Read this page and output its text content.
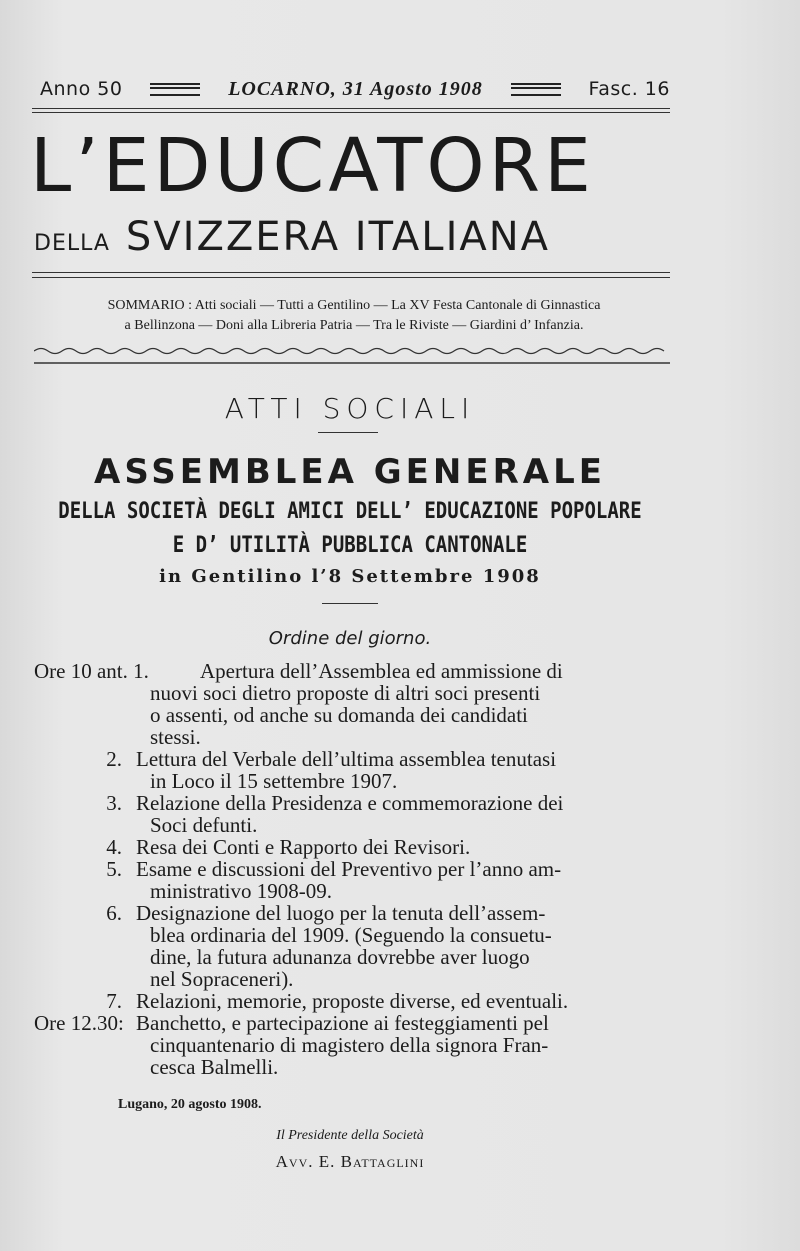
Anno 50	LOCARNO, 31 Agosto 1908	Fasc. 16
L’EDUCATORE
DELLA SVIZZERA ITALIANA
SOMMARIO : Atti sociali — Tutti a Gentilino — La XV Festa Cantonale di Ginnastica
a Bellinzona — Doni alla Libreria Patria — Tra le Riviste — Giardini d’ Infanzia.
ATTI SOCIALI
ASSEMBLEA GENERALE
DELLA SOCIETÀ DEGLI AMICI DELL’ EDUCAZIONE POPOLARE
E D’ UTILITÀ PUBBLICA CANTONALE
in Gentilino l’8 Settembre 1908
Ordine del giorno.
Ore 10 ant. 1. Apertura dell’Assemblea ed ammissione di
nuovi soci dietro proposte di altri soci presenti
o assenti, od anche su domanda dei candidati
stessi.
2. Lettura del Verbale dell’ultima assemblea tenutasi
in Loco il 15 settembre 1907.
3. Relazione della Presidenza e commemorazione dei
Soci defunti.
4. Resa dei Conti e Rapporto dei Revisori.
5. Esame e discussioni del Preventivo per l’anno am-
ministrativo 1908-09.
6. Designazione del luogo per la tenuta dell’assem-
blea ordinaria del 1909. (Seguendo la consuetu-
dine, la futura adunanza dovrebbe aver luogo
nel Sopraceneri).
7. Relazioni, memorie, proposte diverse, ed eventuali.
Ore 12.30: Banchetto, e partecipazione ai festeggiamenti pel
cinquantenario di magistero della signora Fran-
cesca Balmelli.
Lugano, 20 agosto 1908.
Il Presidente della Società
Avv. E. Battaglini
